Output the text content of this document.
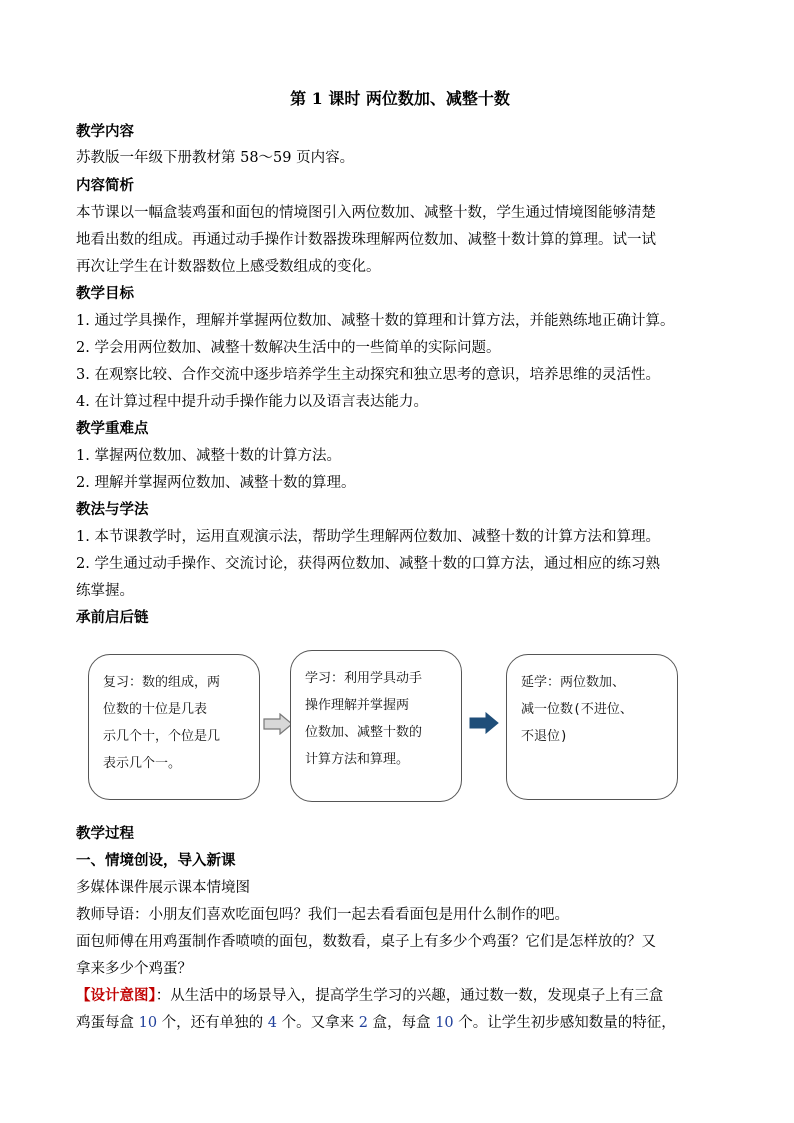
第 1 课时 两位数加、减整十数
教学内容
苏教版一年级下册教材第 58～59 页内容。
内容简析
本节课以一幅盒装鸡蛋和面包的情境图引入两位数加、减整十数，学生通过情境图能够清楚
地看出数的组成。再通过动手操作计数器拨珠理解两位数加、减整十数计算的算理。试一试
再次让学生在计数器数位上感受数组成的变化。
教学目标
1. 通过学具操作，理解并掌握两位数加、减整十数的算理和计算方法，并能熟练地正确计算。
2. 学会用两位数加、减整十数解决生活中的一些简单的实际问题。
3. 在观察比较、合作交流中逐步培养学生主动探究和独立思考的意识，培养思维的灵活性。
4. 在计算过程中提升动手操作能力以及语言表达能力。
教学重难点
1. 掌握两位数加、减整十数的计算方法。
2. 理解并掌握两位数加、减整十数的算理。
教法与学法
1. 本节课教学时，运用直观演示法，帮助学生理解两位数加、减整十数的计算方法和算理。
2. 学生通过动手操作、交流讨论，获得两位数加、减整十数的口算方法，通过相应的练习熟
练掌握。
承前启后链
复习：数的组成，两
位数的十位是几表
示几个十，个位是几
表示几个一。
学习：利用学具动手
操作理解并掌握两
位数加、减整十数的
计算方法和算理。
延学：两位数加、
减一位数(不进位、
不退位)
教学过程
一、情境创设，导入新课
多媒体课件展示课本情境图
教师导语：小朋友们喜欢吃面包吗？我们一起去看看面包是用什么制作的吧。
面包师傅在用鸡蛋制作香喷喷的面包，数数看，桌子上有多少个鸡蛋？它们是怎样放的？又
拿来多少个鸡蛋？
【设计意图】：从生活中的场景导入，提高学生学习的兴趣，通过数一数，发现桌子上有三盒
鸡蛋每盒 10 个，还有单独的 4 个。又拿来 2 盒，每盒 10 个。让学生初步感知数量的特征，
